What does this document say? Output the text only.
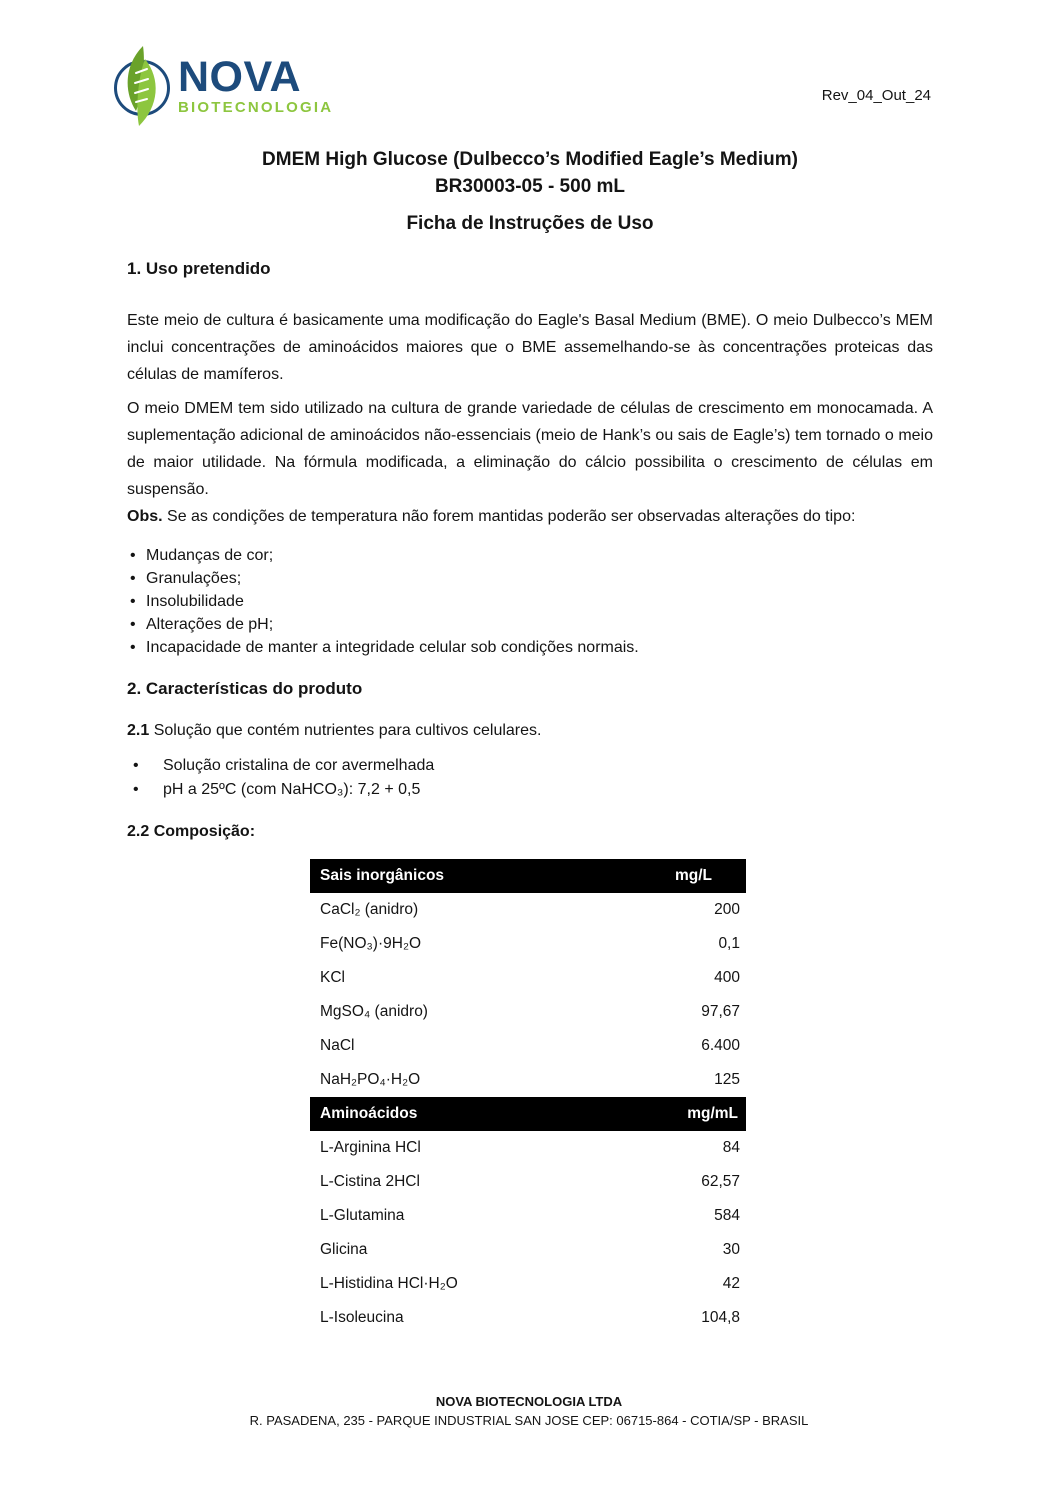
NOVA
BIOTECNOLOGIA
Rev_04_Out_24
DMEM High Glucose (Dulbecco’s Modified Eagle’s Medium)
BR30003-05 - 500 mL
Ficha de Instruções de Uso
1. Uso pretendido

Este meio de cultura é basicamente uma modificação do Eagle's Basal Medium (BME). O meio Dulbecco’s MEM inclui concentrações de aminoácidos maiores que o BME assemelhando-se às concentrações proteicas das células de mamíferos.

O meio DMEM tem sido utilizado na cultura de grande variedade de células de crescimento em monocamada. A suplementação adicional de aminoácidos não-essenciais (meio de Hank’s ou sais de Eagle’s) tem tornado o meio de maior utilidade. Na fórmula modificada, a eliminação do cálcio possibilita o crescimento de células em suspensão.
Obs. Se as condições de temperatura não forem mantidas poderão ser observadas alterações do tipo:

• Mudanças de cor;
• Granulações;
• Insolubilidade
• Alterações de pH;
• Incapacidade de manter a integridade celular sob condições normais.
2. Características do produto

2.1 Solução que contém nutrientes para cultivos celulares.

• Solução cristalina de cor avermelhada
• pH a 25ºC (com NaHCO₃): 7,2 + 0,5
2.2 Composição:
Sais inorgânicos	mg/L
CaCl₂ (anidro)	200
Fe(NO₃)·9H₂O	0,1
KCl	400
MgSO₄ (anidro)	97,67
NaCl	6.400
NaH₂PO₄·H₂O	125
Aminoácidos	mg/mL
L-Arginina HCl	84
L-Cistina 2HCl	62,57
L-Glutamina	584
Glicina	30
L-Histidina HCl·H₂O	42
L-Isoleucina	104,8
NOVA BIOTECNOLOGIA LTDA
R. PASADENA, 235 - PARQUE INDUSTRIAL SAN JOSE CEP: 06715-864 - COTIA/SP - BRASIL
